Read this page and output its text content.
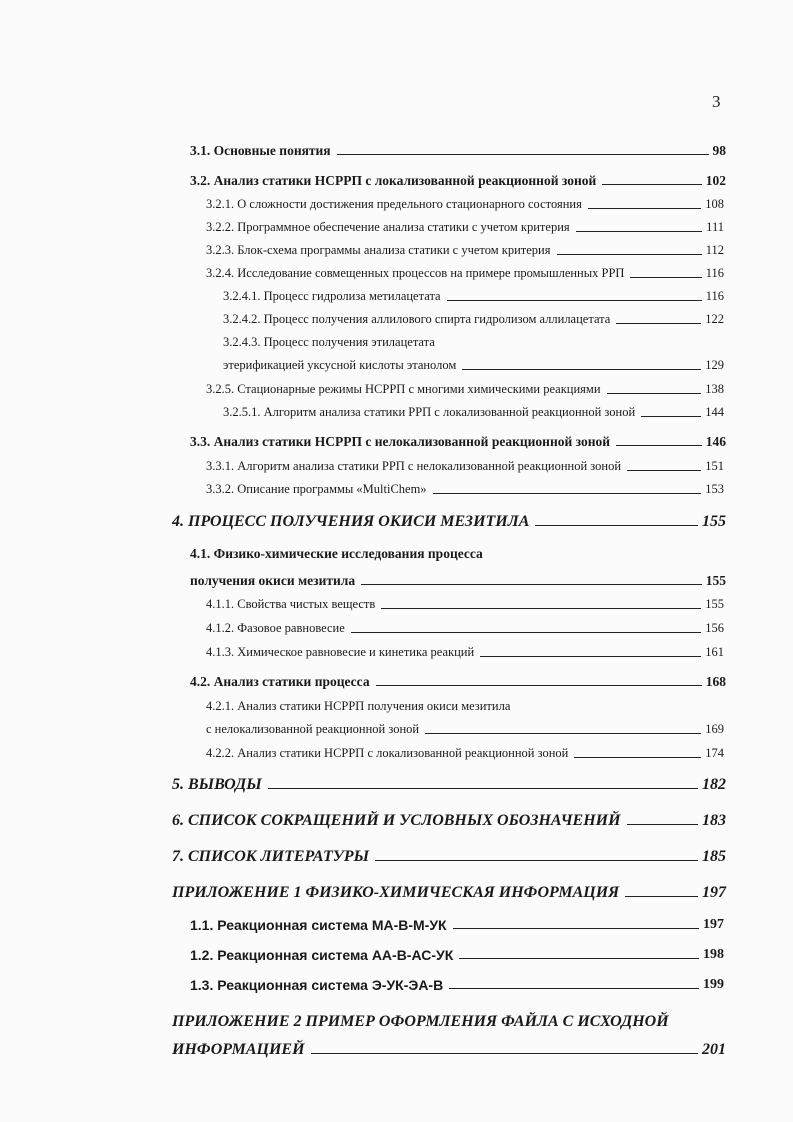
3
3.1. Основные понятия	98
3.2. Анализ статики НСРРП с локализованной реакционной зоной	102
3.2.1. О сложности достижения предельного стационарного состояния	108
3.2.2. Программное обеспечение анализа статики с учетом критерия	111
3.2.3. Блок-схема программы анализа статики с учетом критерия	112
3.2.4. Исследование совмещенных процессов на примере промышленных РРП	116
3.2.4.1. Процесс гидролиза метилацетата	116
3.2.4.2. Процесс получения аллилового спирта гидролизом аллилацетата	122
3.2.4.3. Процесс получения этилацетата
этерификацией уксусной кислоты этанолом	129
3.2.5. Стационарные режимы НСРРП с многими химическими реакциями	138
3.2.5.1. Алгоритм анализа статики РРП с локализованной реакционной зоной	144
3.3. Анализ статики НСРРП с нелокализованной реакционной зоной	146
3.3.1. Алгоритм анализа статики РРП с нелокализованной реакционной зоной	151
3.3.2. Описание программы «MultiChem»	153
4. ПРОЦЕСС ПОЛУЧЕНИЯ ОКИСИ МЕЗИТИЛА	155
4.1. Физико-химические исследования процесса
получения окиси мезитила	155
4.1.1. Свойства чистых веществ	155
4.1.2. Фазовое равновесие	156
4.1.3. Химическое равновесие и кинетика реакций	161
4.2. Анализ статики процесса	168
4.2.1. Анализ статики НСРРП получения окиси мезитила
с нелокализованной реакционной зоной	169
4.2.2. Анализ статики НСРРП с локализованной реакционной зоной	174
5. ВЫВОДЫ	182
6. СПИСОК СОКРАЩЕНИЙ И УСЛОВНЫХ ОБОЗНАЧЕНИЙ	183
7. СПИСОК ЛИТЕРАТУРЫ	185
ПРИЛОЖЕНИЕ 1 ФИЗИКО-ХИМИЧЕСКАЯ ИНФОРМАЦИЯ	197
1.1. Реакционная система МА-В-М-УК	197
1.2. Реакционная система АА-В-АС-УК	198
1.3. Реакционная система Э-УК-ЭА-В	199
ПРИЛОЖЕНИЕ 2 ПРИМЕР ОФОРМЛЕНИЯ ФАЙЛА С ИСХОДНОЙ
ИНФОРМАЦИЕЙ	201
